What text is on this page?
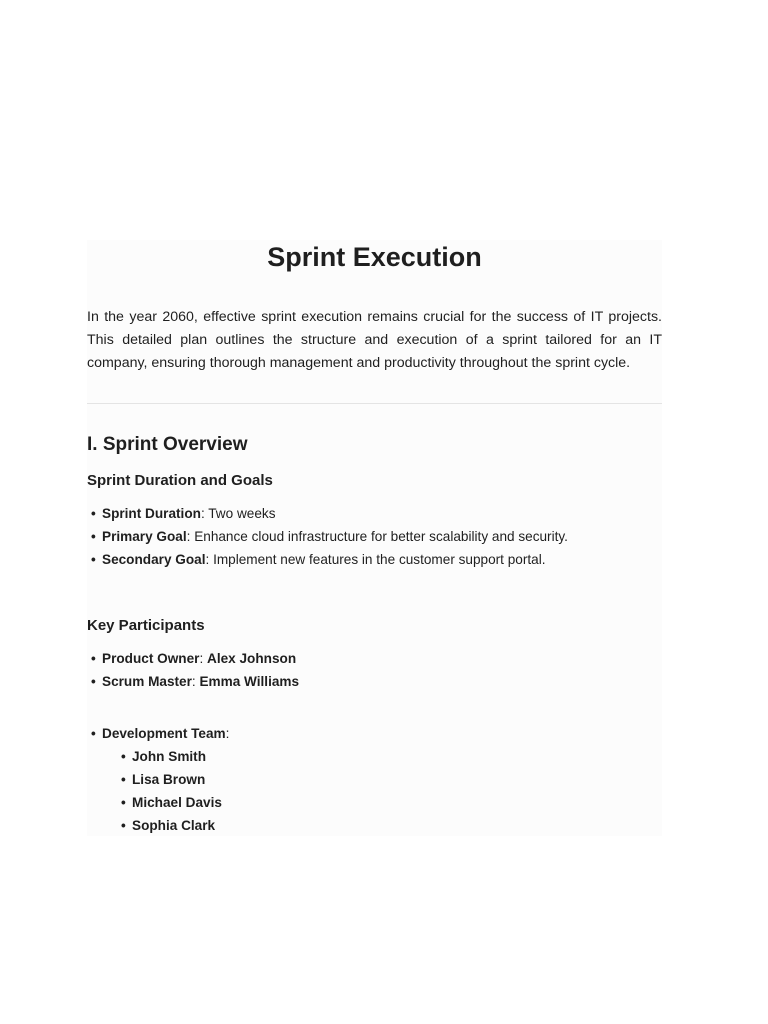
Sprint Execution

In the year 2060, effective sprint execution remains crucial for the success of IT projects. This detailed plan outlines the structure and execution of a sprint tailored for an IT company, ensuring thorough management and productivity throughout the sprint cycle.

I. Sprint Overview
Sprint Duration and Goals
• Sprint Duration: Two weeks
• Primary Goal: Enhance cloud infrastructure for better scalability and security.
• Secondary Goal: Implement new features in the customer support portal.
Key Participants
• Product Owner: Alex Johnson
• Scrum Master: Emma Williams
• Development Team:
• John Smith
• Lisa Brown
• Michael Davis
• Sophia Clark
